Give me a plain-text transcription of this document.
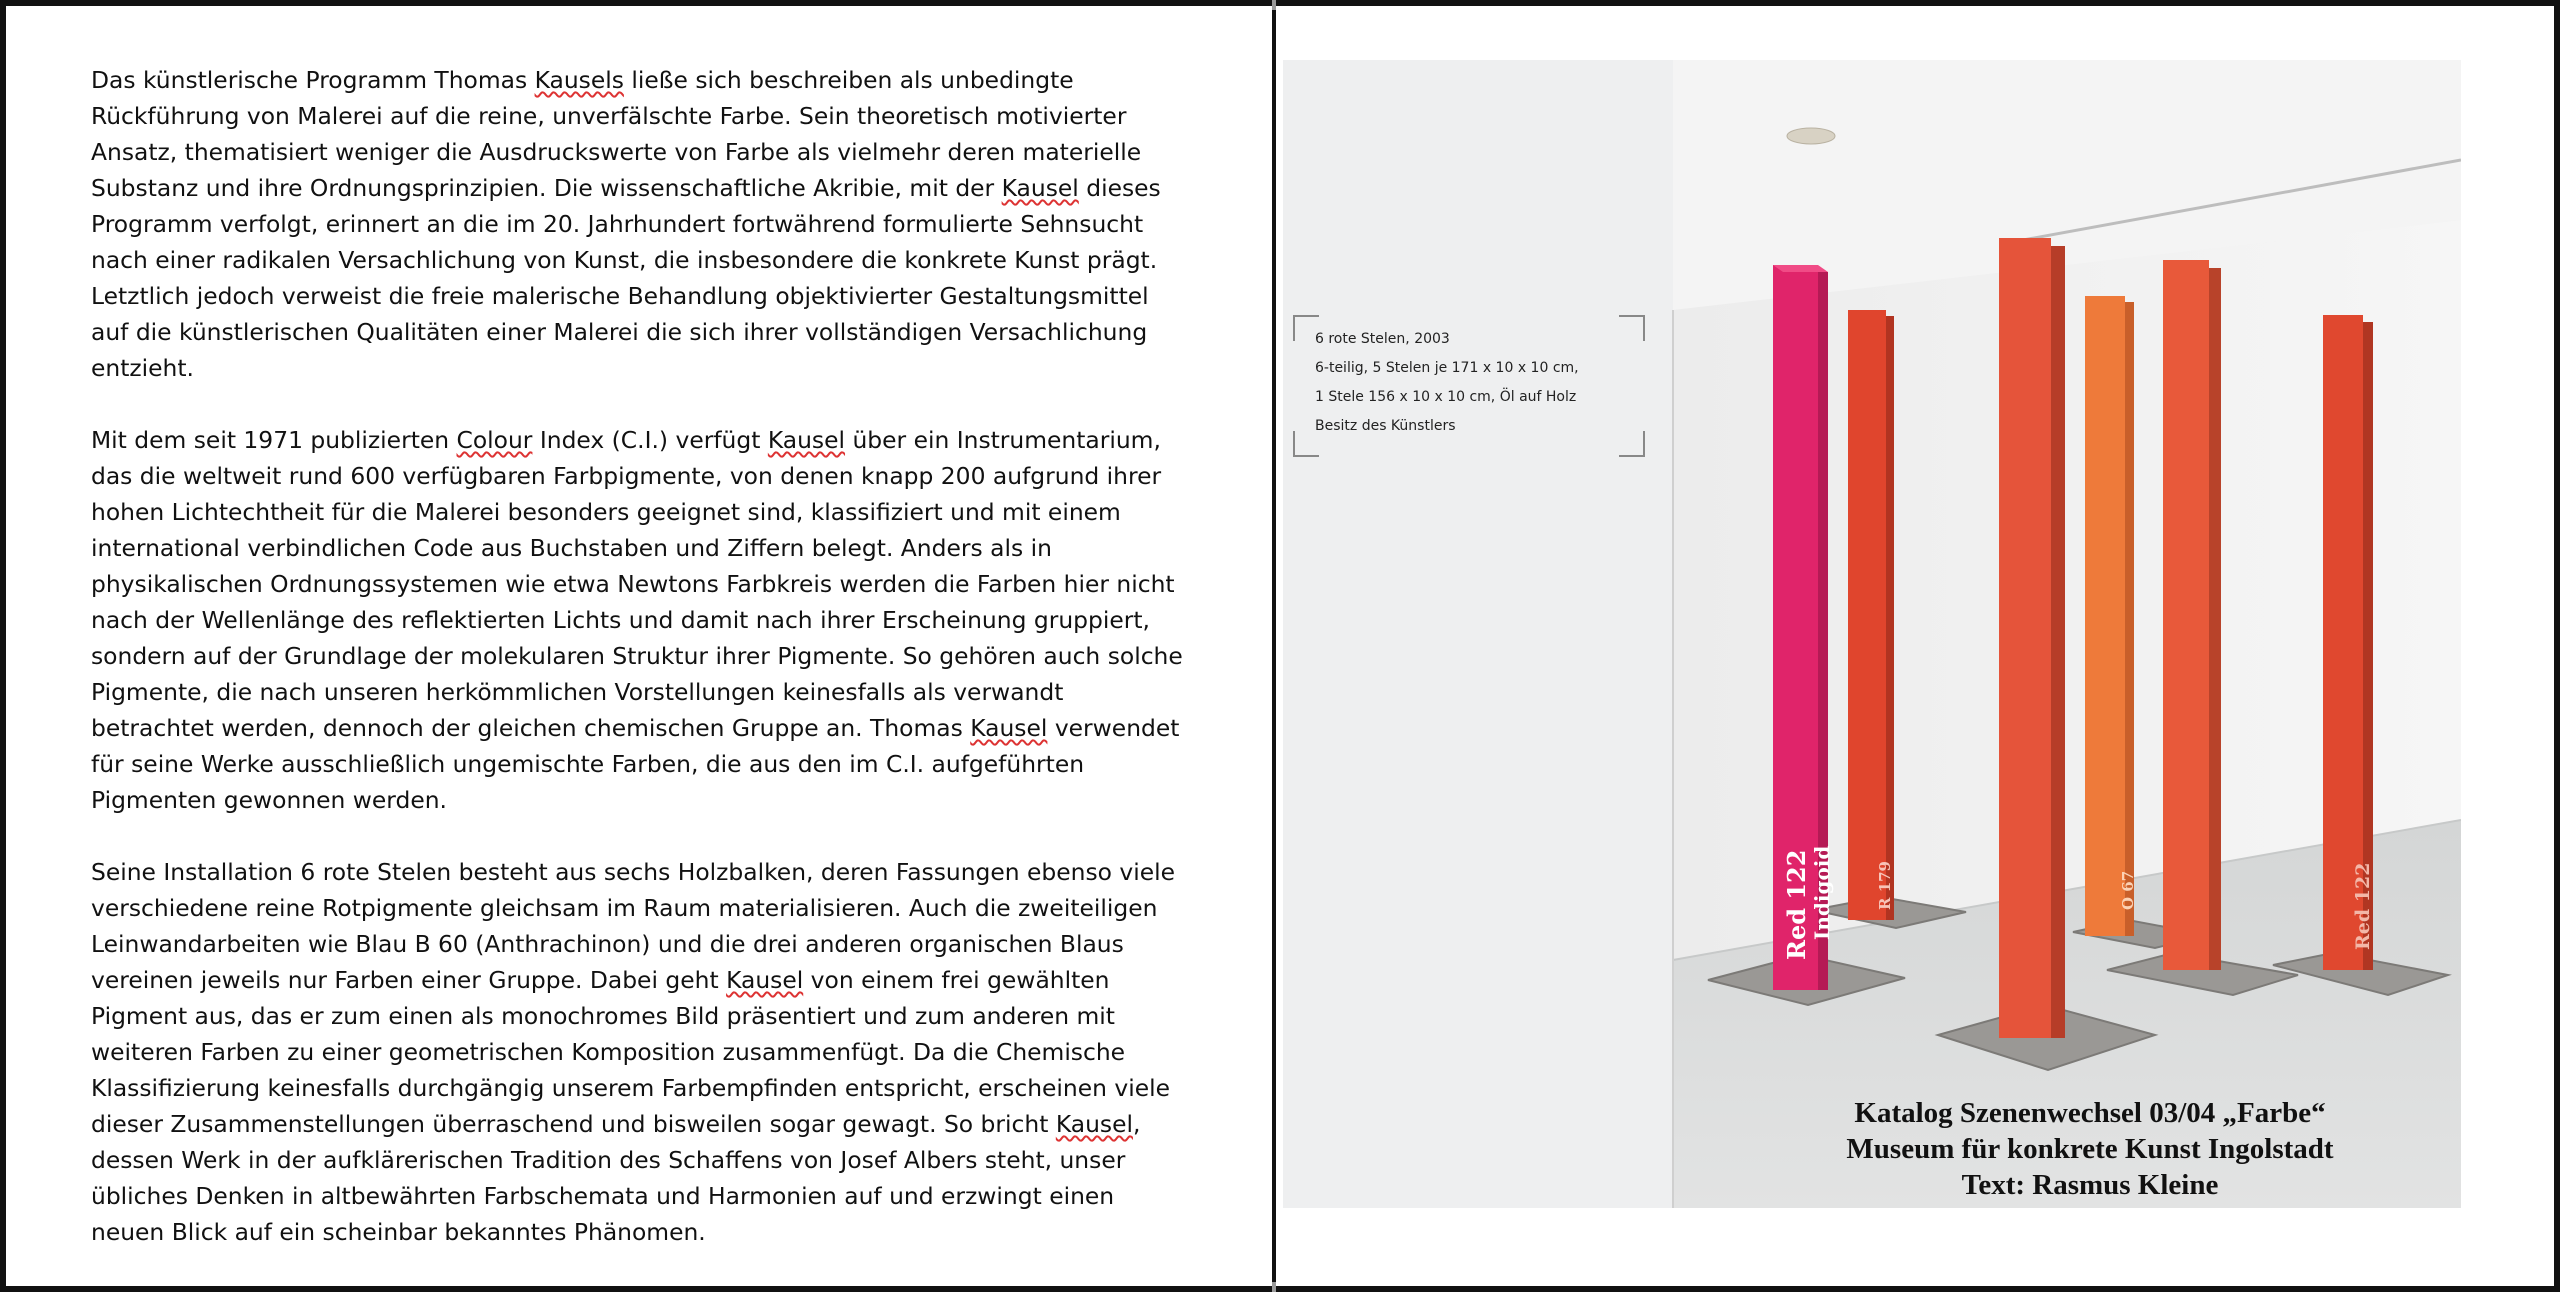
Das künstlerische Programm Thomas Kausels ließe sich beschreiben als unbedingte
Rückführung von Malerei auf die reine, unverfälschte Farbe. Sein theoretisch motivierter
Ansatz, thematisiert weniger die Ausdruckswerte von Farbe als vielmehr deren materielle
Substanz und ihre Ordnungsprinzipien. Die wissenschaftliche Akribie, mit der Kausel dieses
Programm verfolgt, erinnert an die im 20. Jahrhundert fortwährend formulierte Sehnsucht
nach einer radikalen Versachlichung von Kunst, die insbesondere die konkrete Kunst prägt.
Letztlich jedoch verweist die freie malerische Behandlung objektivierter Gestaltungsmittel
auf die künstlerischen Qualitäten einer Malerei die sich ihrer vollständigen Versachlichung
entzieht.

Mit dem seit 1971 publizierten Colour Index (C.I.) verfügt Kausel über ein Instrumentarium,
das die weltweit rund 600 verfügbaren Farbpigmente, von denen knapp 200 aufgrund ihrer
hohen Lichtechtheit für die Malerei besonders geeignet sind, klassifiziert und mit einem
international verbindlichen Code aus Buchstaben und Ziffern belegt. Anders als in
physikalischen Ordnungssystemen wie etwa Newtons Farbkreis werden die Farben hier nicht
nach der Wellenlänge des reflektierten Lichts und damit nach ihrer Erscheinung gruppiert,
sondern auf der Grundlage der molekularen Struktur ihrer Pigmente. So gehören auch solche
Pigmente, die nach unseren herkömmlichen Vorstellungen keinesfalls als verwandt
betrachtet werden, dennoch der gleichen chemischen Gruppe an. Thomas Kausel verwendet
für seine Werke ausschließlich ungemischte Farben, die aus den im C.I. aufgeführten
Pigmenten gewonnen werden.

Seine Installation 6 rote Stelen besteht aus sechs Holzbalken, deren Fassungen ebenso viele
verschiedene reine Rotpigmente gleichsam im Raum materialisieren. Auch die zweiteiligen
Leinwandarbeiten wie Blau B 60 (Anthrachinon) und die drei anderen organischen Blaus
vereinen jeweils nur Farben einer Gruppe. Dabei geht Kausel von einem frei gewählten
Pigment aus, das er zum einen als monochromes Bild präsentiert und zum anderen mit
weiteren Farben zu einer geometrischen Komposition zusammenfügt. Da die Chemische
Klassifizierung keinesfalls durchgängig unserem Farbempfinden entspricht, erscheinen viele
dieser Zusammenstellungen überraschend und bisweilen sogar gewagt. So bricht Kausel,
dessen Werk in der aufklärerischen Tradition des Schaffens von Josef Albers steht, unser
übliches Denken in altbewährten Farbschemata und Harmonien auf und erzwingt einen
neuen Blick auf ein scheinbar bekanntes Phänomen.

Red 122 Indigoid	R 179	O 67	Red 122
6 rote Stelen, 2003
6-teilig, 5 Stelen je 171 x 10 x 10 cm,
1 Stele 156 x 10 x 10 cm, Öl auf Holz
Besitz des Künstlers
Katalog Szenenwechsel 03/04 „Farbe“
Museum für konkrete Kunst Ingolstadt
Text: Rasmus Kleine
